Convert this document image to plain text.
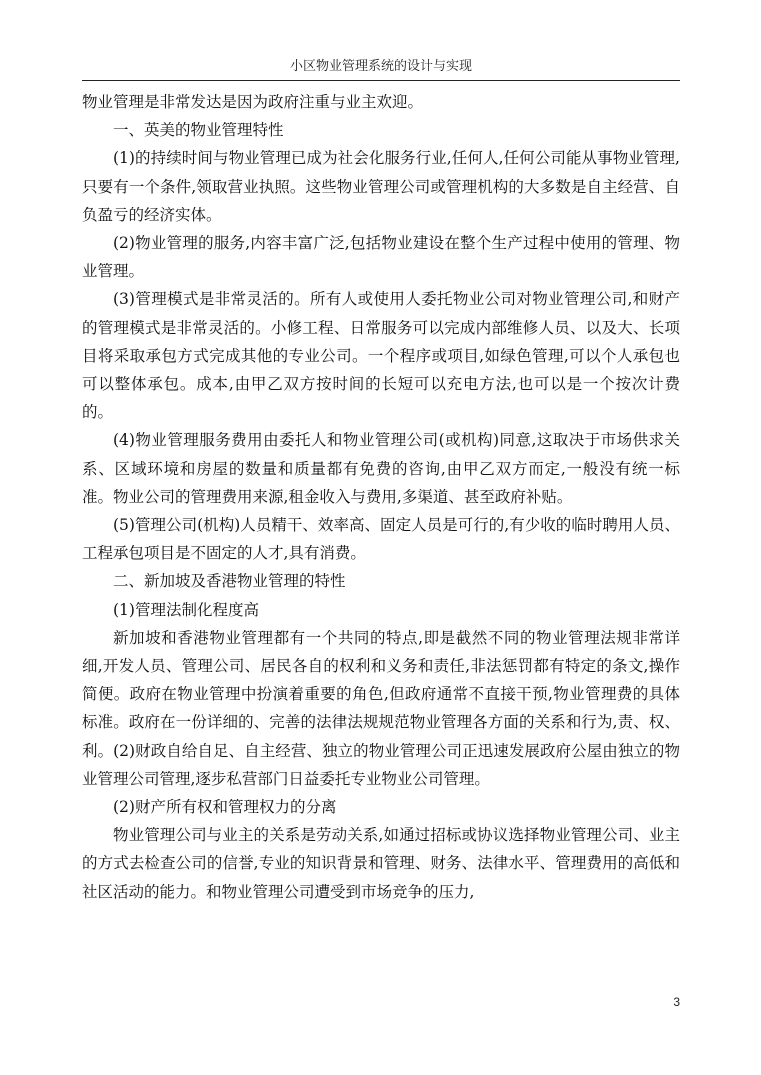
小区物业管理系统的设计与实现

物业管理是非常发达是因为政府注重与业主欢迎。

一、英美的物业管理特性

(1)的持续时间与物业管理已成为社会化服务行业,任何人,任何公司能从事物业管理,只要有一个条件,领取营业执照。这些物业管理公司或管理机构的大多数是自主经营、自负盈亏的经济实体。

(2)物业管理的服务,内容丰富广泛,包括物业建设在整个生产过程中使用的管理、物业管理。

(3)管理模式是非常灵活的。所有人或使用人委托物业公司对物业管理公司,和财产的管理模式是非常灵活的。小修工程、日常服务可以完成内部维修人员、以及大、长项目将采取承包方式完成其他的专业公司。一个程序或项目,如绿色管理,可以个人承包也可以整体承包。成本,由甲乙双方按时间的长短可以充电方法,也可以是一个按次计费的。

(4)物业管理服务费用由委托人和物业管理公司(或机构)同意,这取决于市场供求关系、区域环境和房屋的数量和质量都有免费的咨询,由甲乙双方而定,一般没有统一标准。物业公司的管理费用来源,租金收入与费用,多渠道、甚至政府补贴。

(5)管理公司(机构)人员精干、效率高、固定人员是可行的,有少收的临时聘用人员、工程承包项目是不固定的人才,具有消费。

二、新加坡及香港物业管理的特性

(1)管理法制化程度高

新加坡和香港物业管理都有一个共同的特点,即是截然不同的物业管理法规非常详细,开发人员、管理公司、居民各自的权利和义务和责任,非法惩罚都有特定的条文,操作简便。政府在物业管理中扮演着重要的角色,但政府通常不直接干预,物业管理费的具体标准。政府在一份详细的、完善的法律法规规范物业管理各方面的关系和行为,责、权、利。(2)财政自给自足、自主经营、独立的物业管理公司正迅速发展政府公屋由独立的物业管理公司管理,逐步私营部门日益委托专业物业公司管理。

(2)财产所有权和管理权力的分离

物业管理公司与业主的关系是劳动关系,如通过招标或协议选择物业管理公司、业主的方式去检查公司的信誉,专业的知识背景和管理、财务、法律水平、管理费用的高低和社区活动的能力。和物业管理公司遭受到市场竞争的压力,

3
